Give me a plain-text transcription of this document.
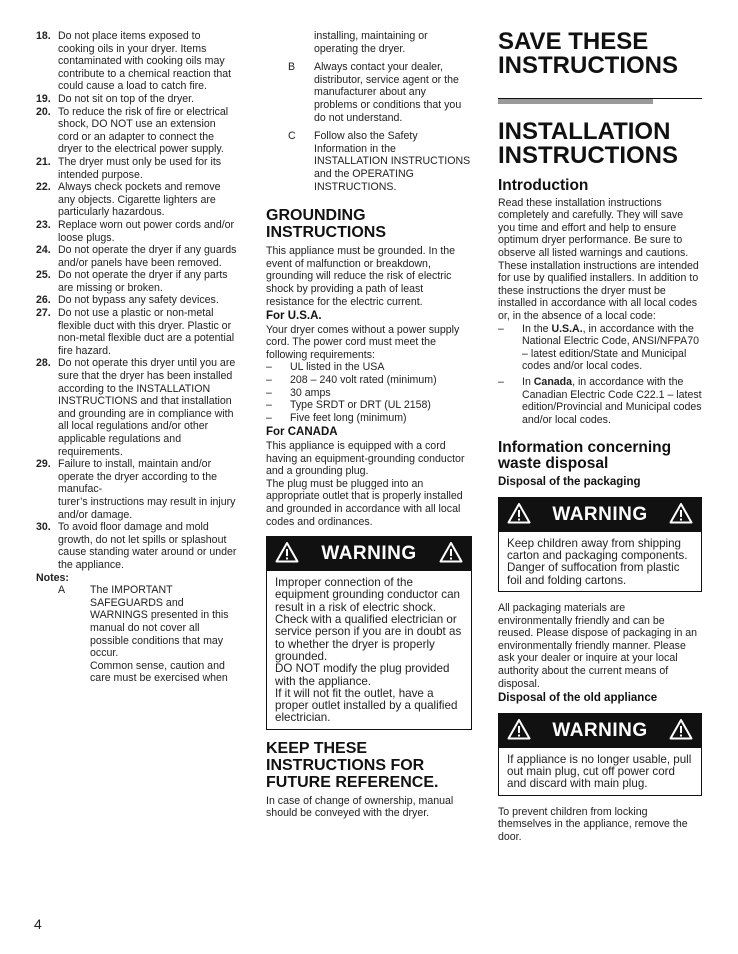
18. Do not place items exposed to cooking oils in your dryer. Items contaminated with cooking oils may contribute to a chemical reaction that could cause a load to catch fire.
19. Do not sit on top of the dryer.
20. To reduce the risk of fire or electrical shock, DO NOT use an extension cord or an adapter to connect the dryer to the electrical power supply.
21. The dryer must only be used for its intended purpose.
22. Always check pockets and remove any objects. Cigarette lighters are particularly hazardous.
23. Replace worn out power cords and/or loose plugs.
24. Do not operate the dryer if any guards and/or panels have been removed.
25. Do not operate the dryer if any parts are missing or broken.
26. Do not bypass any safety devices.
27. Do not use a plastic or non-metal flexible duct with this dryer. Plastic or non-metal flexible duct are a potential fire hazard.
28. Do not operate this dryer until you are sure that the dryer has been installed according to the INSTALLATION INSTRUCTIONS and that installation and grounding are in compliance with all local regulations and/or other applicable regulations and requirements.
29. Failure to install, maintain and/or operate the dryer according to the manufac-
turer’s instructions may result in injury and/or damage.
30. To avoid floor damage and mold growth, do not let spills or splashout cause standing water around or under the appliance.
Notes:
A	The IMPORTANT SAFEGUARDS and WARNINGS presented in this manual do not cover all possible conditions that may occur.
Common sense, caution and care must be exercised when
installing, maintaining or operating the dryer.
B	Always contact your dealer, distributor, service agent or the manufacturer about any problems or conditions that you do not understand.
C	Follow also the Safety Information in the INSTALLATION INSTRUCTIONS and the OPERATING INSTRUCTIONS.
GROUNDING INSTRUCTIONS
This appliance must be grounded. In the event of malfunction or breakdown, grounding will reduce the risk of electric shock by providing a path of least resistance for the electric current.
For U.S.A.
Your dryer comes without a power supply cord. The power cord must meet the following requirements:
–	UL listed in the USA
–	208 – 240 volt rated (minimum)
–	30 amps
–	Type SRDT or DRT (UL 2158)
–	Five feet long (minimum)
For CANADA
This appliance is equipped with a cord having an equipment-grounding conductor and a grounding plug.
The plug must be plugged into an appropriate outlet that is properly installed and grounded in accordance with all local codes and ordinances.
WARNING
Improper connection of the equipment grounding conductor can result in a risk of electric shock.
Check with a qualified electrician or service person if you are in doubt as to whether the dryer is properly grounded.
DO NOT modify the plug provided with the appliance.
If it will not fit the outlet, have a proper outlet installed by a qualified electrician.
KEEP THESE INSTRUCTIONS FOR FUTURE REFERENCE.
In case of change of ownership, manual should be conveyed with the dryer.
SAVE THESE INSTRUCTIONS
INSTALLATION INSTRUCTIONS
Introduction
Read these installation instructions completely and carefully. They will save you time and effort and help to ensure optimum dryer performance. Be sure to observe all listed warnings and cautions.
These installation instructions are intended for use by qualified installers. In addition to these instructions the dryer must be installed in accordance with all local codes or, in the absence of a local code:
–	In the U.S.A., in accordance with the National Electric Code, ANSI/NFPA70 – latest edition/State and Municipal codes and/or local codes.
–	In Canada, in accordance with the Canadian Electric Code C22.1 – latest edition/Provincial and Municipal codes and/or local codes.
Information concerning waste disposal
Disposal of the packaging
WARNING
Keep children away from shipping carton and packaging components. Danger of suffocation from plastic foil and folding cartons.
All packaging materials are environmentally friendly and can be reused. Please dispose of packaging in an environmentally friendly manner. Please ask your dealer or inquire at your local authority about the current means of disposal.
Disposal of the old appliance
WARNING
If appliance is no longer usable, pull out main plug, cut off power cord and discard with main plug.
To prevent children from locking themselves in the appliance, remove the door.
4
